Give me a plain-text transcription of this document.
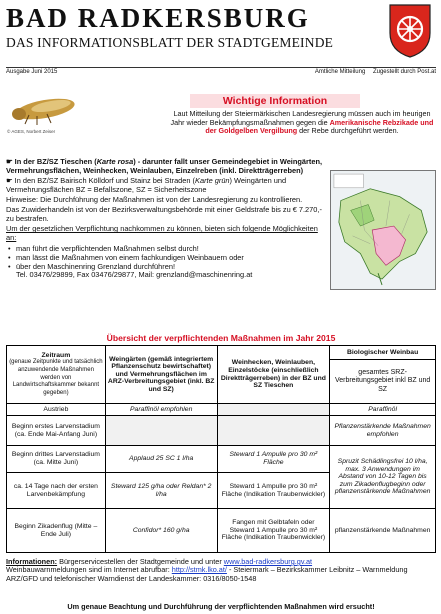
BAD RADKERSBURG
DAS INFORMATIONSBLATT DER STADTGEMEINDE
Ausgabe Juni 2015	Amtliche Mitteilung Zugestellt durch Post.at
© AGES, Norbert Zeiser
Wichtige Information
Laut Mitteilung der Steiermärkischen Landesregierung müssen auch im heurigen Jahr wieder Bekämpfungsmaßnahmen gegen die Amerikanische Rebzikade und der Goldgelben Vergilbung der Rebe durchgeführt werden.

☛ In der BZ/SZ Tieschen (Karte rosa) - darunter fallt unser Gemeindegebiet in Weingärten, Vermehrungsflächen, Weinhecken, Weinlauben, Einzelreben (inkl. Direktträgerreben)

☛ In den BZ/SZ Bairisch Kölldorf und Stainz bei Straden (Karte grün) Weingärten und Vermehrungsflächen BZ = Befallszone, SZ = Sicherheitszone

Hinweise: Die Durchführung der Maßnahmen ist von der Landesregierung zu kontrollieren.

Das Zuwiderhandeln ist von der Bezirksverwaltungsbehörde mit einer Geldstrafe bis zu € 7.270,- zu bestrafen.

Um der gesetzlichen Verpflichtung nachkommen zu können, bieten sich folgende Möglichkeiten an:

• man führt die verpflichtenden Maßnahmen selbst durch!
• man lässt die Maßnahmen von einem fachkundigen Weinbauern oder
• über den Maschinenring Grenzland durchführen!

Tel. 03476/29899, Fax 03476/29877, Mail: grenzland@maschinenring.at

Übersicht der verpflichtenden Maßnahmen im Jahr 2015
Zeitraum
(genaue Zeitpunkte und tatsächlich anzuwendende Maßnahmen werden von Landwirtschaftskammer bekannt gegeben)	Weingärten (gemäß integriertem Pflanzenschutz bewirtschaftet) und Vermehrungsflächen im ARZ-Verbreitungsgebiet (inkl. BZ und SZ)	Weinhecken, Weinlauben, Einzelstöcke (einschließlich Direktträgerreben) in der BZ und SZ Tieschen	Biologischer Weinbau

			gesamtes SRZ-Verbreitungsgebiet inkl BZ und SZ
Austrieb	Paraffinöl empfohlen		Paraffinöl
Beginn erstes Larvenstadium (ca. Ende Mai-Anfang Juni)			Pflanzenstärkende Maßnahmen empfohlen
Beginn drittes Larvenstadium (ca. Mitte Juni)	Applaud 25 SC 1 l/ha	Steward 1 Ampulle pro 30 m² Fläche	Spruzit Schädlingsfrei 10 l/ha, max. 3 Anwendungen im Abstand von 10-12 Tagen bis zum Zikadenflugbeginn oder pflanzenstärkende Maßnahmen
ca. 14 Tage nach der ersten Larvenbekämpfung	Steward 125 g/ha oder Reldan* 2 l/ha	Steward 1 Ampulle pro 30 m² Fläche (Indikation Traubenwickler)	
Beginn Zikadenflug (Mitte – Ende Juli)	Confidor* 160 g/ha	Fangen mit Gelbtafeln oder Steward 1 Ampulle pro 30 m² Fläche (Indikation Traubenwickler)	pflanzenstärkende Maßnahmen
Informationen: Bürgerservicestellen der Stadtgemeinde und unter www.bad-radkersburg.gv.at
Weinbauwarnmeldungen sind im Internet abrufbar: http://stmk.lko.at/ - Steiermark – Bezirkskammer Leibnitz – Warnmeldung ARZ/GFD und telefonischer Warndienst der Landeskammer: 0316/8050-1548
Um genaue Beachtung und Durchführung der verpflichtenden Maßnahmen wird ersucht!
